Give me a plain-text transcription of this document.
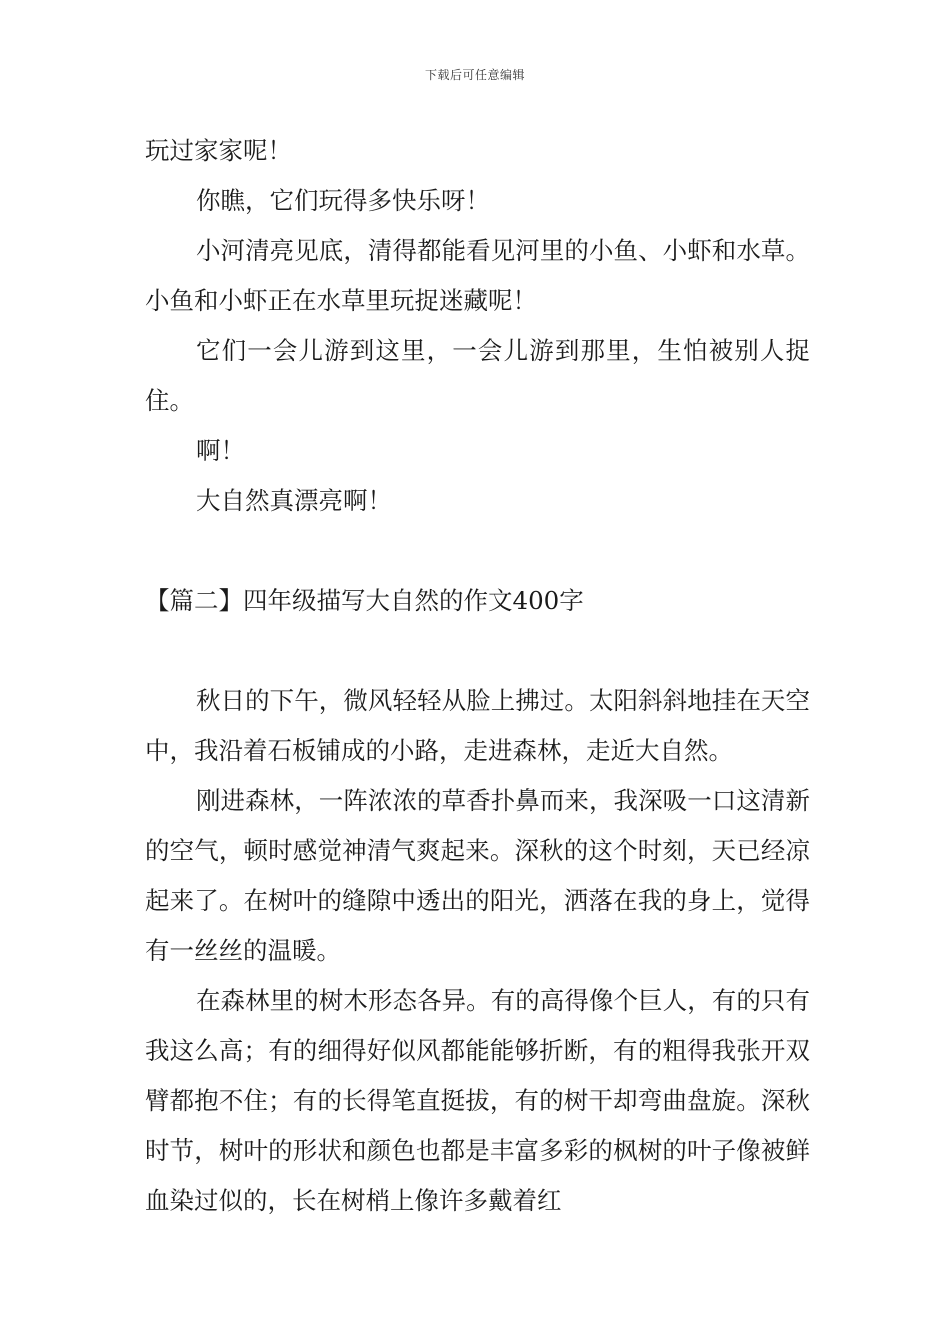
下载后可任意编辑

玩过家家呢！

你瞧，它们玩得多快乐呀！

小河清亮见底，清得都能看见河里的小鱼、小虾和水草。小鱼和小虾正在水草里玩捉迷藏呢！

它们一会儿游到这里，一会儿游到那里，生怕被别人捉住。

啊！

大自然真漂亮啊！

【篇二】四年级描写大自然的作文400字

秋日的下午，微风轻轻从脸上拂过。太阳斜斜地挂在天空中，我沿着石板铺成的小路，走进森林，走近大自然。

刚进森林，一阵浓浓的草香扑鼻而来，我深吸一口这清新的空气，顿时感觉神清气爽起来。深秋的这个时刻，天已经凉起来了。在树叶的缝隙中透出的阳光，洒落在我的身上，觉得有一丝丝的温暖。

在森林里的树木形态各异。有的高得像个巨人，有的只有我这么高；有的细得好似风都能能够折断，有的粗得我张开双臂都抱不住；有的长得笔直挺拔，有的树干却弯曲盘旋。深秋时节，树叶的形状和颜色也都是丰富多彩的枫树的叶子像被鲜血染过似的，长在树梢上像许多戴着红
